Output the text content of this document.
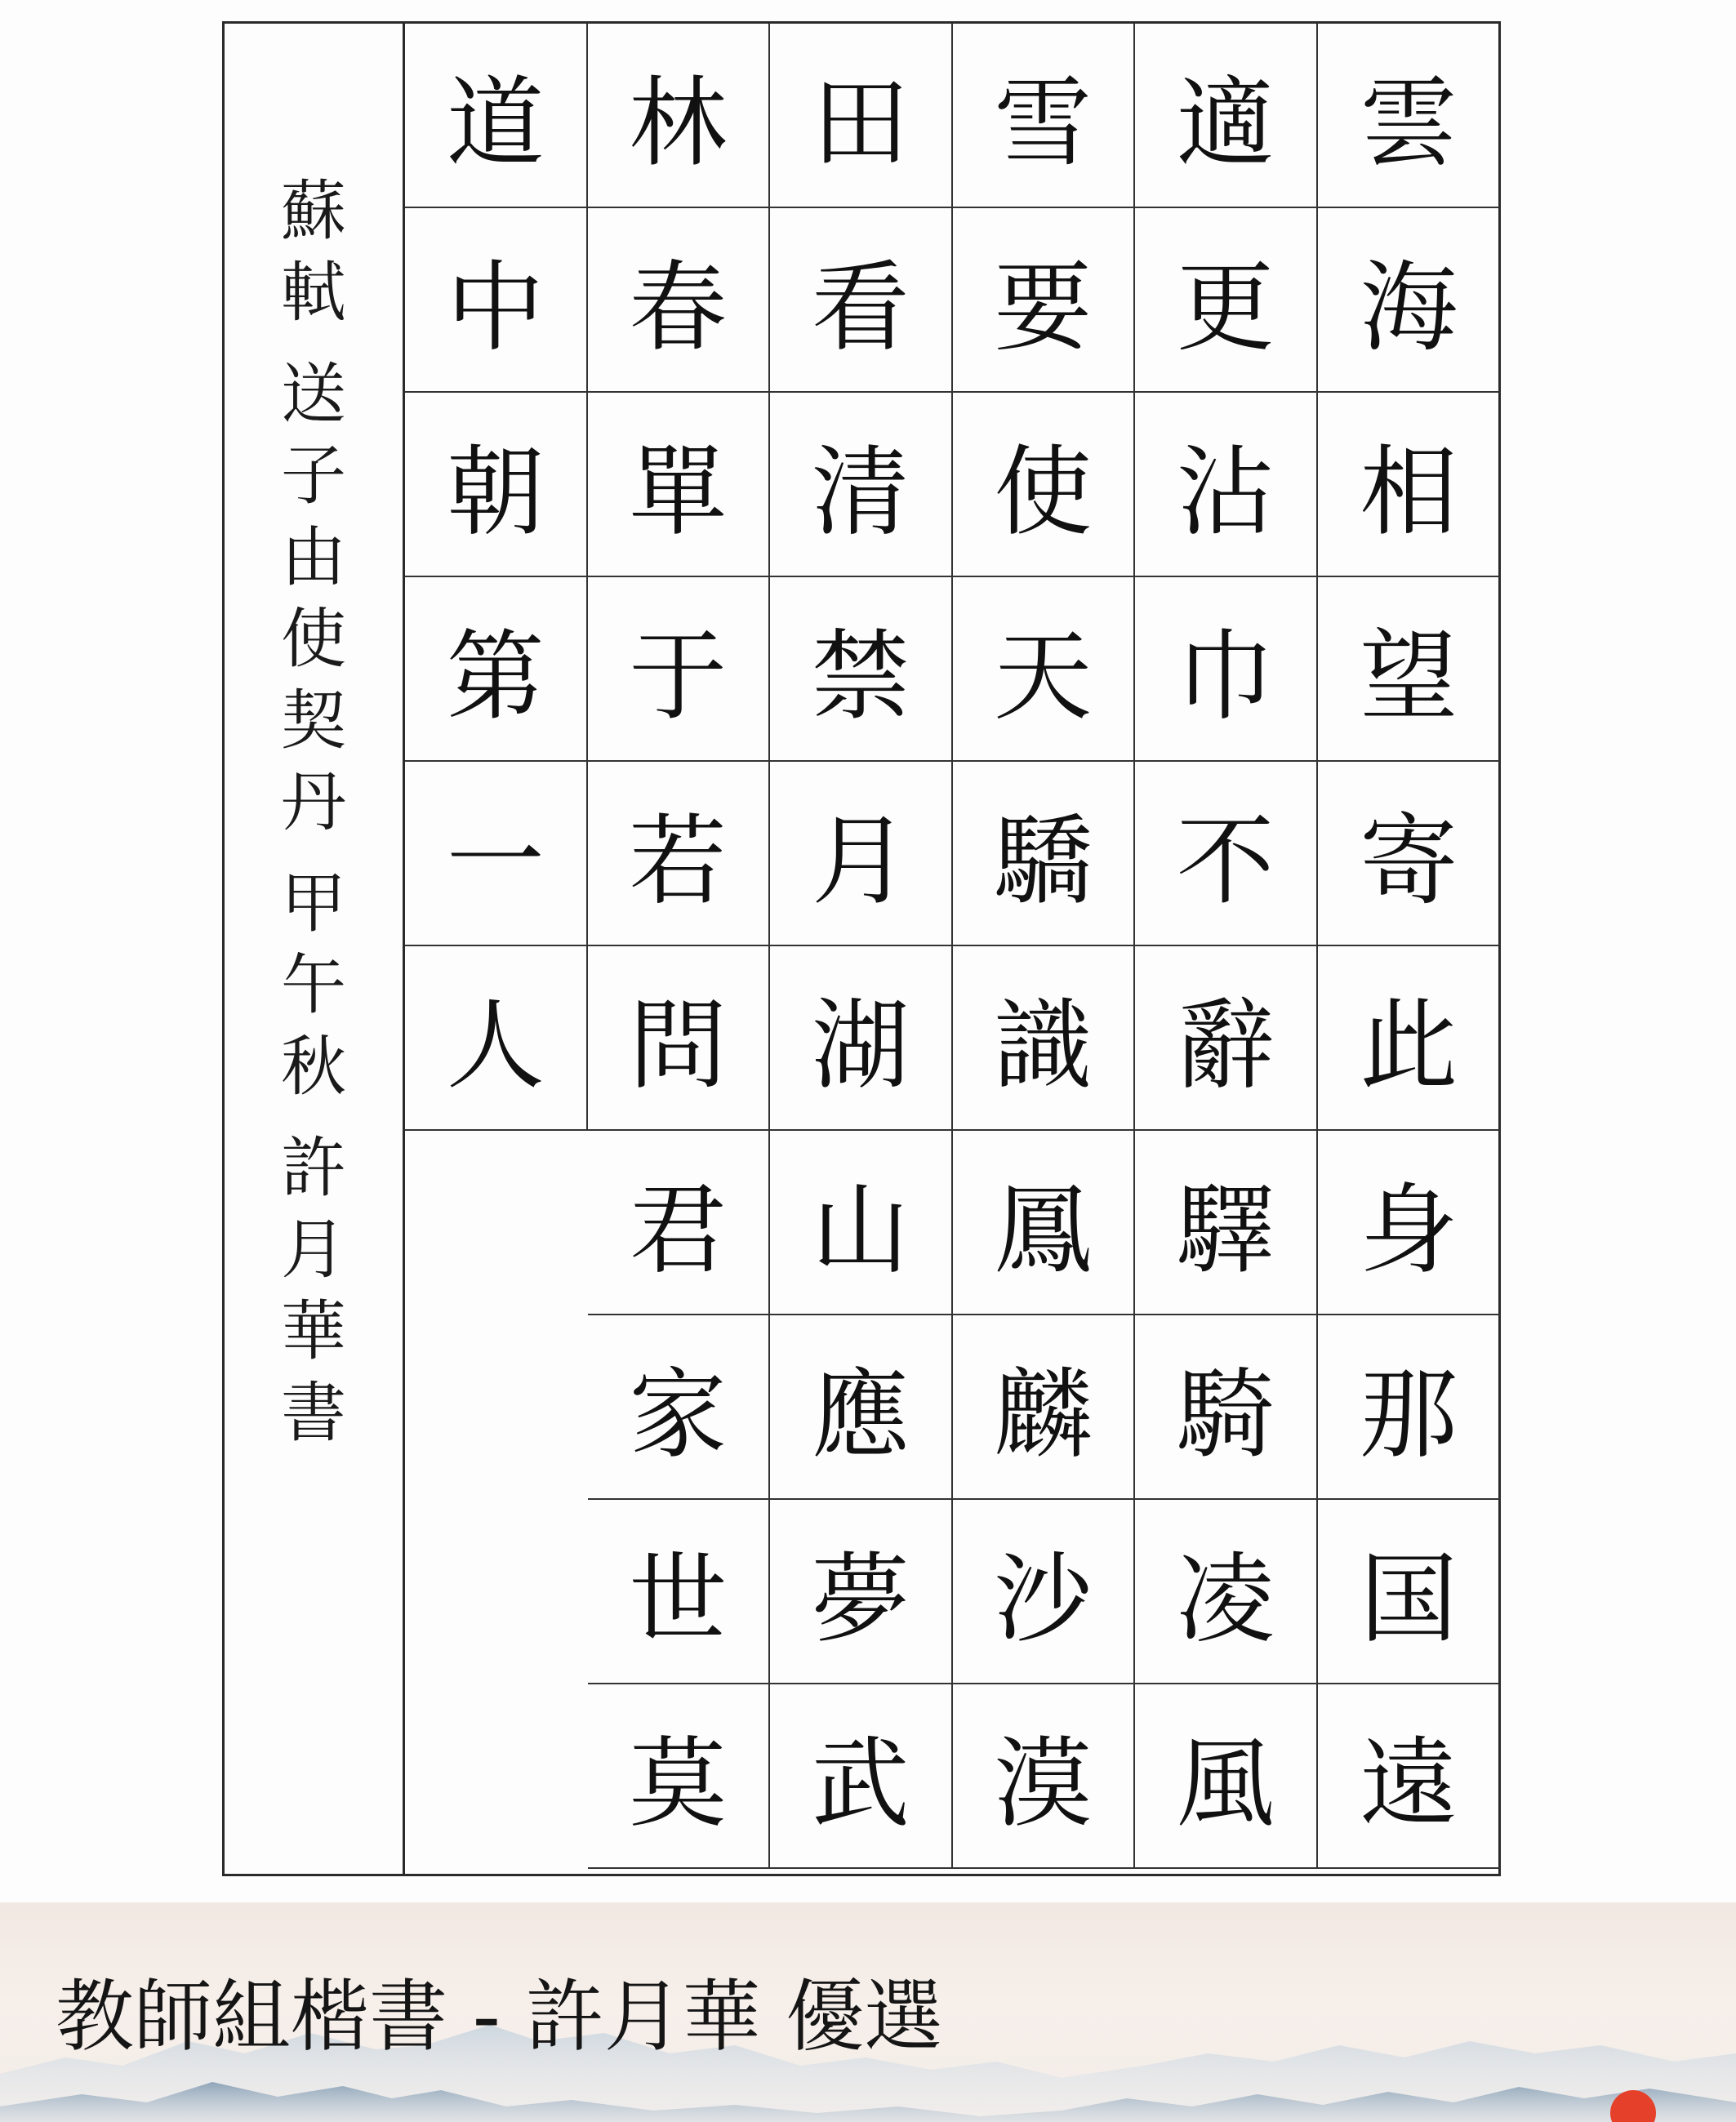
蘇
軾
送
子
由
使
契
丹
甲
午
秋
許
月
華
書
雲
海
相
望
寄
此
身
那
国
遠
適
更
沾
巾
不
辭
驛
騎
凌
風
雪
要
使
天
驕
識
鳳
麟
沙
漠
田
看
清
禁
月
湖
山
應
夢
武
林
春
單
于
若
問
君
家
世
莫
道
中
朝
第
一
人
教師組楷書 - 許月華 優選
